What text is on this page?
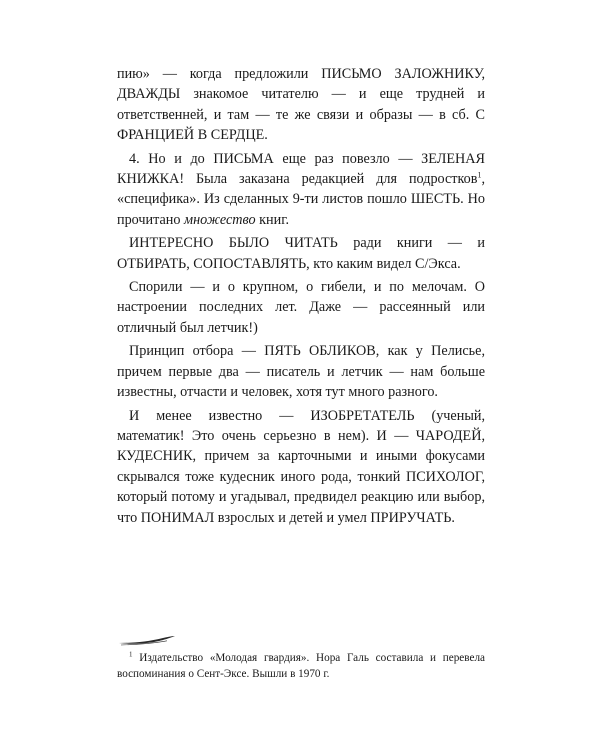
пию» — когда предложили ПИСЬМО ЗАЛОЖНИКУ, ДВАЖДЫ знакомое читателю — и еще трудней и ответственней, и там — те же связи и образы — в сб. С ФРАНЦИЕЙ В СЕРДЦЕ.

4. Но и до ПИСЬМА еще раз повезло — ЗЕЛЕНАЯ КНИЖКА! Была заказана редакцией для подростков$^1$, «специфика». Из сделанных 9-ти листов пошло ШЕСТЬ. Но прочитано множество книг.

ИНТЕРЕСНО БЫЛО ЧИТАТЬ ради книги — и ОТБИРАТЬ, СОПОСТАВЛЯТЬ, кто каким видел С/Экса.

Спорили — и о крупном, о гибели, и по мелочам. О настроении последних лет. Даже — рассеянный или отличный был летчик!)

Принцип отбора — ПЯТЬ ОБЛИКОВ, как у Пелисье, причем первые два — писатель и летчик — нам больше известны, отчасти и человек, хотя тут много разного.

И менее известно — ИЗОБРЕТАТЕЛЬ (ученый, математик! Это очень серьезно в нем). И — ЧАРОДЕЙ, КУДЕСНИК, причем за карточными и иными фокусами скрывался тоже кудесник иного рода, тонкий ПСИХОЛОГ, который потому и угадывал, предвидел реакцию или выбор, что ПОНИМАЛ взрослых и детей и умел ПРИРУЧАТЬ.

$^1$ Издательство «Молодая гвардия». Нора Галь составила и перевела воспоминания о Сент-Эксе. Вышли в 1970 г.
